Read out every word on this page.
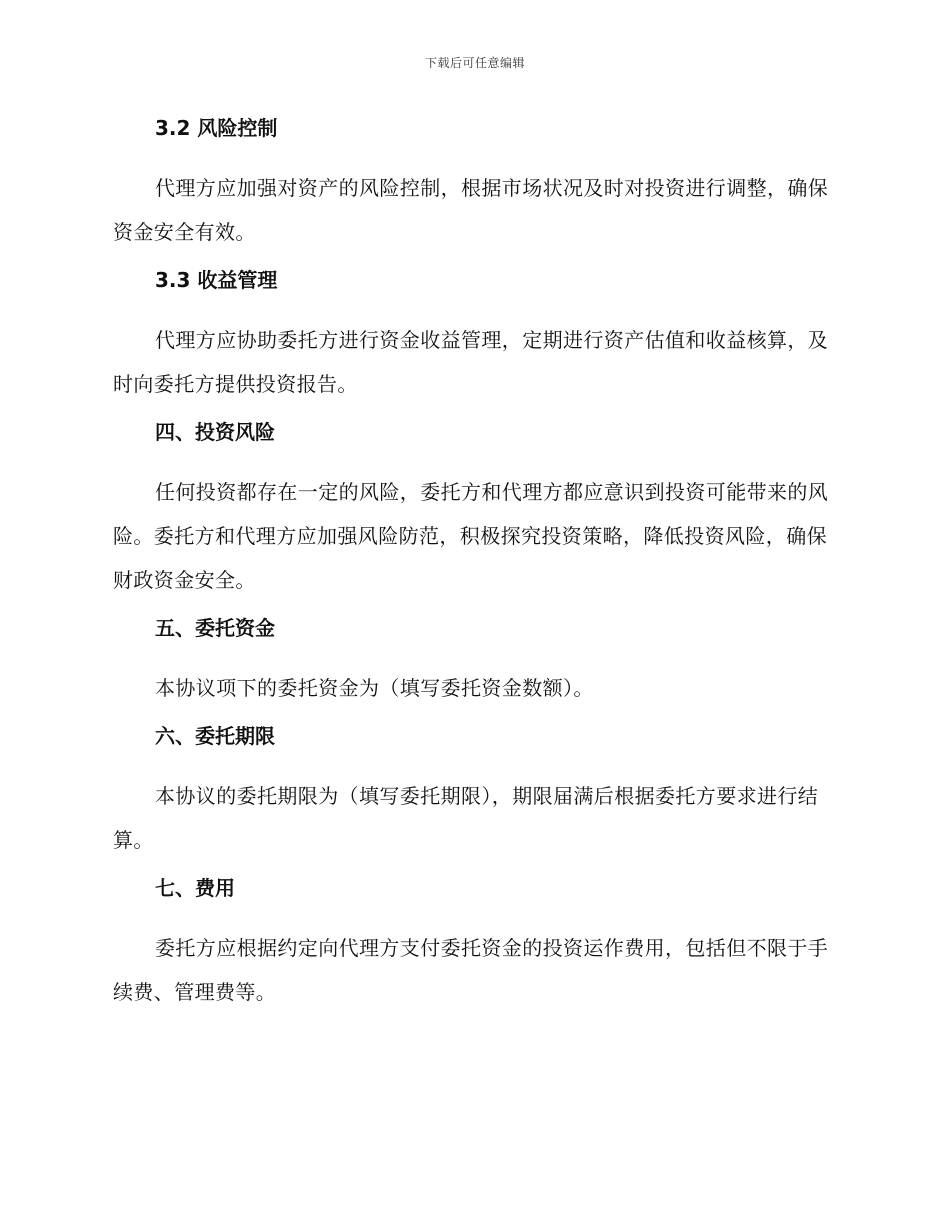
下载后可任意编辑
3.2 风险控制

代理方应加强对资产的风险控制，根据市场状况及时对投资进行调整，确保资金安全有效。

3.3 收益管理

代理方应协助委托方进行资金收益管理，定期进行资产估值和收益核算，及时向委托方提供投资报告。

四、投资风险

任何投资都存在一定的风险，委托方和代理方都应意识到投资可能带来的风险。委托方和代理方应加强风险防范，积极探究投资策略，降低投资风险，确保财政资金安全。

五、委托资金

本协议项下的委托资金为（填写委托资金数额）。

六、委托期限

本协议的委托期限为（填写委托期限），期限届满后根据委托方要求进行结算。

七、费用

委托方应根据约定向代理方支付委托资金的投资运作费用，包括但不限于手续费、管理费等。
